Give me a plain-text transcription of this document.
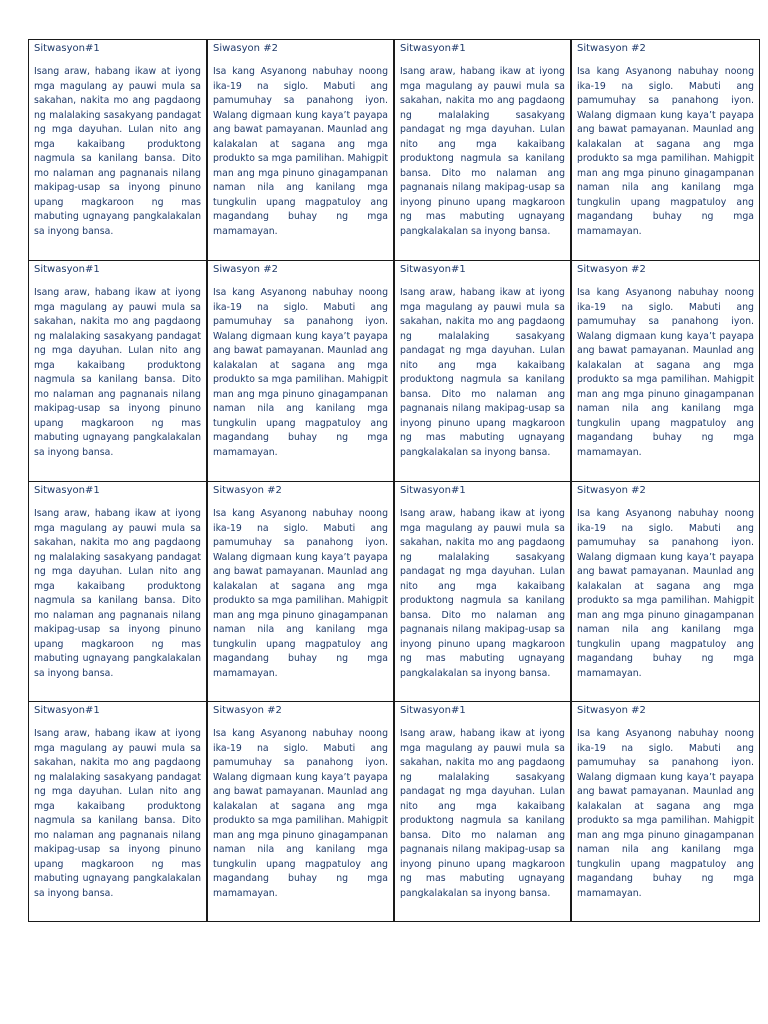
Sitwasyon#1
Isang araw, habang ikaw at iyong mga magulang ay pauwi mula sa sakahan, nakita mo ang pagdaong ng malalaking sasakyang pandagat ng mga dayuhan. Lulan nito ang mga kakaibang produktong nagmula sa kanilang bansa. Dito mo nalaman ang pagnanais nilang makipag-usap sa inyong pinuno upang magkaroon ng mas mabuting ugnayang pangkalakalan sa inyong bansa.
Siwasyon #2
Isa kang Asyanong nabuhay noong ika-19 na siglo. Mabuti ang pamumuhay sa panahong iyon. Walang digmaan kung kaya’t payapa ang bawat pamayanan. Maunlad ang kalakalan at sagana ang mga produkto sa mga pamilihan. Mahigpit man ang mga pinuno ginagampanan naman nila ang kanilang mga tungkulin upang magpatuloy ang magandang buhay ng mga mamamayan.
Sitwasyon#1
Isang araw, habang ikaw at iyong mga magulang ay pauwi mula sa sakahan, nakita mo ang pagdaong ng malalaking sasakyang pandagat ng mga dayuhan. Lulan nito ang mga kakaibang produktong nagmula sa kanilang bansa. Dito mo nalaman ang pagnanais nilang makipag-usap sa inyong pinuno upang magkaroon ng mas mabuting ugnayang pangkalakalan sa inyong bansa.
Sitwasyon #2
Isa kang Asyanong nabuhay noong ika-19 na siglo. Mabuti ang pamumuhay sa panahong iyon. Walang digmaan kung kaya’t payapa ang bawat pamayanan. Maunlad ang kalakalan at sagana ang mga produkto sa mga pamilihan. Mahigpit man ang mga pinuno ginagampanan naman nila ang kanilang mga tungkulin upang magpatuloy ang magandang buhay ng mga mamamayan.
Sitwasyon#1
Isang araw, habang ikaw at iyong mga magulang ay pauwi mula sa sakahan, nakita mo ang pagdaong ng malalaking sasakyang pandagat ng mga dayuhan. Lulan nito ang mga kakaibang produktong nagmula sa kanilang bansa. Dito mo nalaman ang pagnanais nilang makipag-usap sa inyong pinuno upang magkaroon ng mas mabuting ugnayang pangkalakalan sa inyong bansa.
Siwasyon #2
Isa kang Asyanong nabuhay noong ika-19 na siglo. Mabuti ang pamumuhay sa panahong iyon. Walang digmaan kung kaya’t payapa ang bawat pamayanan. Maunlad ang kalakalan at sagana ang mga produkto sa mga pamilihan. Mahigpit man ang mga pinuno ginagampanan naman nila ang kanilang mga tungkulin upang magpatuloy ang magandang buhay ng mga mamamayan.
Sitwasyon#1
Isang araw, habang ikaw at iyong mga magulang ay pauwi mula sa sakahan, nakita mo ang pagdaong ng malalaking sasakyang pandagat ng mga dayuhan. Lulan nito ang mga kakaibang produktong nagmula sa kanilang bansa. Dito mo nalaman ang pagnanais nilang makipag-usap sa inyong pinuno upang magkaroon ng mas mabuting ugnayang pangkalakalan sa inyong bansa.
Sitwasyon #2
Isa kang Asyanong nabuhay noong ika-19 na siglo. Mabuti ang pamumuhay sa panahong iyon. Walang digmaan kung kaya’t payapa ang bawat pamayanan. Maunlad ang kalakalan at sagana ang mga produkto sa mga pamilihan. Mahigpit man ang mga pinuno ginagampanan naman nila ang kanilang mga tungkulin upang magpatuloy ang magandang buhay ng mga mamamayan.
Sitwasyon#1
Isang araw, habang ikaw at iyong mga magulang ay pauwi mula sa sakahan, nakita mo ang pagdaong ng malalaking sasakyang pandagat ng mga dayuhan. Lulan nito ang mga kakaibang produktong nagmula sa kanilang bansa. Dito mo nalaman ang pagnanais nilang makipag-usap sa inyong pinuno upang magkaroon ng mas mabuting ugnayang pangkalakalan sa inyong bansa.
Sitwasyon #2
Isa kang Asyanong nabuhay noong ika-19 na siglo. Mabuti ang pamumuhay sa panahong iyon. Walang digmaan kung kaya’t payapa ang bawat pamayanan. Maunlad ang kalakalan at sagana ang mga produkto sa mga pamilihan. Mahigpit man ang mga pinuno ginagampanan naman nila ang kanilang mga tungkulin upang magpatuloy ang magandang buhay ng mga mamamayan.
Sitwasyon#1
Isang araw, habang ikaw at iyong mga magulang ay pauwi mula sa sakahan, nakita mo ang pagdaong ng malalaking sasakyang pandagat ng mga dayuhan. Lulan nito ang mga kakaibang produktong nagmula sa kanilang bansa. Dito mo nalaman ang pagnanais nilang makipag-usap sa inyong pinuno upang magkaroon ng mas mabuting ugnayang pangkalakalan sa inyong bansa.
Sitwasyon #2
Isa kang Asyanong nabuhay noong ika-19 na siglo. Mabuti ang pamumuhay sa panahong iyon. Walang digmaan kung kaya’t payapa ang bawat pamayanan. Maunlad ang kalakalan at sagana ang mga produkto sa mga pamilihan. Mahigpit man ang mga pinuno ginagampanan naman nila ang kanilang mga tungkulin upang magpatuloy ang magandang buhay ng mga mamamayan.
Sitwasyon#1
Isang araw, habang ikaw at iyong mga magulang ay pauwi mula sa sakahan, nakita mo ang pagdaong ng malalaking sasakyang pandagat ng mga dayuhan. Lulan nito ang mga kakaibang produktong nagmula sa kanilang bansa. Dito mo nalaman ang pagnanais nilang makipag-usap sa inyong pinuno upang magkaroon ng mas mabuting ugnayang pangkalakalan sa inyong bansa.
Sitwasyon #2
Isa kang Asyanong nabuhay noong ika-19 na siglo. Mabuti ang pamumuhay sa panahong iyon. Walang digmaan kung kaya’t payapa ang bawat pamayanan. Maunlad ang kalakalan at sagana ang mga produkto sa mga pamilihan. Mahigpit man ang mga pinuno ginagampanan naman nila ang kanilang mga tungkulin upang magpatuloy ang magandang buhay ng mga mamamayan.
Sitwasyon#1
Isang araw, habang ikaw at iyong mga magulang ay pauwi mula sa sakahan, nakita mo ang pagdaong ng malalaking sasakyang pandagat ng mga dayuhan. Lulan nito ang mga kakaibang produktong nagmula sa kanilang bansa. Dito mo nalaman ang pagnanais nilang makipag-usap sa inyong pinuno upang magkaroon ng mas mabuting ugnayang pangkalakalan sa inyong bansa.
Sitwasyon #2
Isa kang Asyanong nabuhay noong ika-19 na siglo. Mabuti ang pamumuhay sa panahong iyon. Walang digmaan kung kaya’t payapa ang bawat pamayanan. Maunlad ang kalakalan at sagana ang mga produkto sa mga pamilihan. Mahigpit man ang mga pinuno ginagampanan naman nila ang kanilang mga tungkulin upang magpatuloy ang magandang buhay ng mga mamamayan.
